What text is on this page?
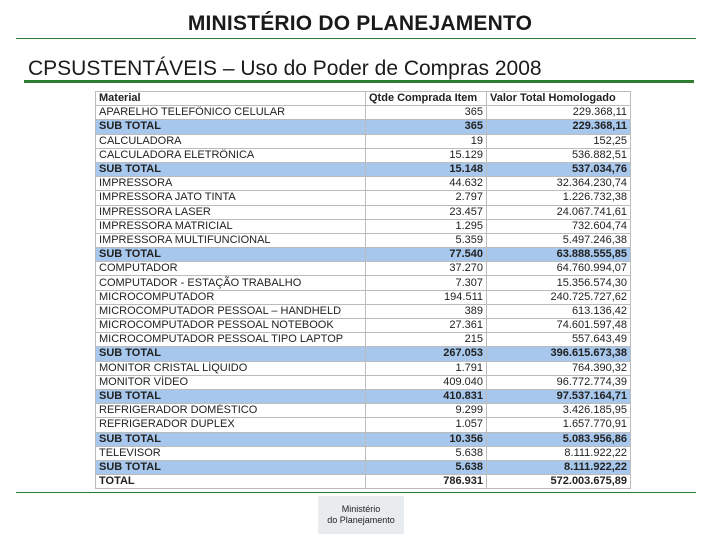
MINISTÉRIO DO PLANEJAMENTO
CPSUSTENTÁVEIS – Uso do Poder de Compras 2008
Material	Qtde Comprada Item	Valor Total Homologado
APARELHO TELEFÔNICO CELULAR	365	229.368,11
SUB TOTAL	365	229.368,11
CALCULADORA	19	152,25
CALCULADORA ELETRÔNICA	15.129	536.882,51
SUB TOTAL	15.148	537.034,76
IMPRESSORA	44.632	32.364.230,74
IMPRESSORA JATO TINTA	2.797	1.226.732,38
IMPRESSORA LASER	23.457	24.067.741,61
IMPRESSORA MATRICIAL	1.295	732.604,74
IMPRESSORA MULTIFUNCIONAL	5.359	5.497.246,38
SUB TOTAL	77.540	63.888.555,85
COMPUTADOR	37.270	64.760.994,07
COMPUTADOR - ESTAÇÃO TRABALHO	7.307	15.356.574,30
MICROCOMPUTADOR	194.511	240.725.727,62
MICROCOMPUTADOR PESSOAL – HANDHELD	389	613.136,42
MICROCOMPUTADOR PESSOAL NOTEBOOK	27.361	74.601.597,48
MICROCOMPUTADOR PESSOAL TIPO LAPTOP	215	557.643,49
SUB TOTAL	267.053	396.615.673,38
MONITOR CRISTAL LÍQUIDO	1.791	764.390,32
MONITOR VÍDEO	409.040	96.772.774,39
SUB TOTAL	410.831	97.537.164,71
REFRIGERADOR DOMÉSTICO	9.299	3.426.185,95
REFRIGERADOR DUPLEX	1.057	1.657.770,91
SUB TOTAL	10.356	5.083.956,86
TELEVISOR	5.638	8.111.922,22
SUB TOTAL	5.638	8.111.922,22
TOTAL	786.931	572.003.675,89
Ministério
do Planejamento
